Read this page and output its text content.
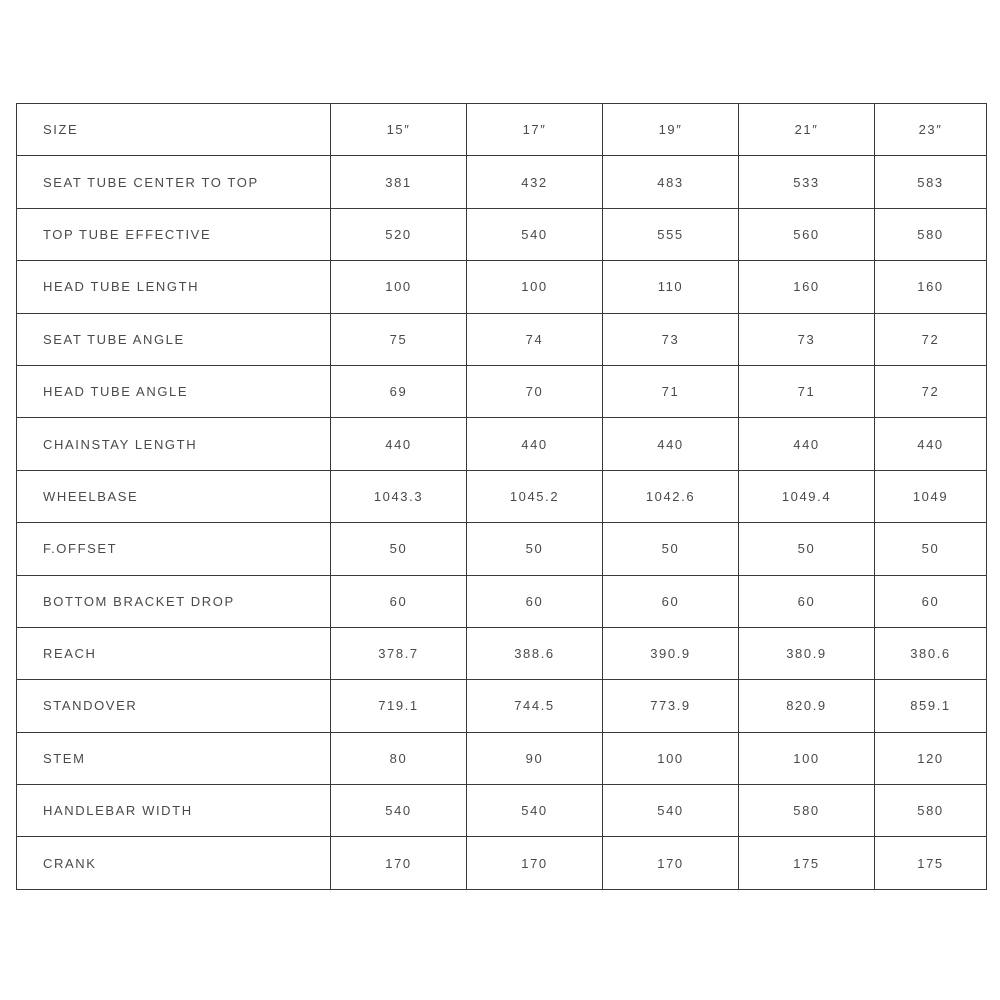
SIZE	15″	17″	19″	21″	23″
SEAT TUBE CENTER TO TOP	381	432	483	533	583
TOP TUBE EFFECTIVE	520	540	555	560	580
HEAD TUBE LENGTH	100	100	110	160	160
SEAT TUBE ANGLE	75	74	73	73	72
HEAD TUBE ANGLE	69	70	71	71	72
CHAINSTAY LENGTH	440	440	440	440	440
WHEELBASE	1043.3	1045.2	1042.6	1049.4	1049
F.OFFSET	50	50	50	50	50
BOTTOM BRACKET DROP	60	60	60	60	60
REACH	378.7	388.6	390.9	380.9	380.6
STANDOVER	719.1	744.5	773.9	820.9	859.1
STEM	80	90	100	100	120
HANDLEBAR WIDTH	540	540	540	580	580
CRANK	170	170	170	175	175
